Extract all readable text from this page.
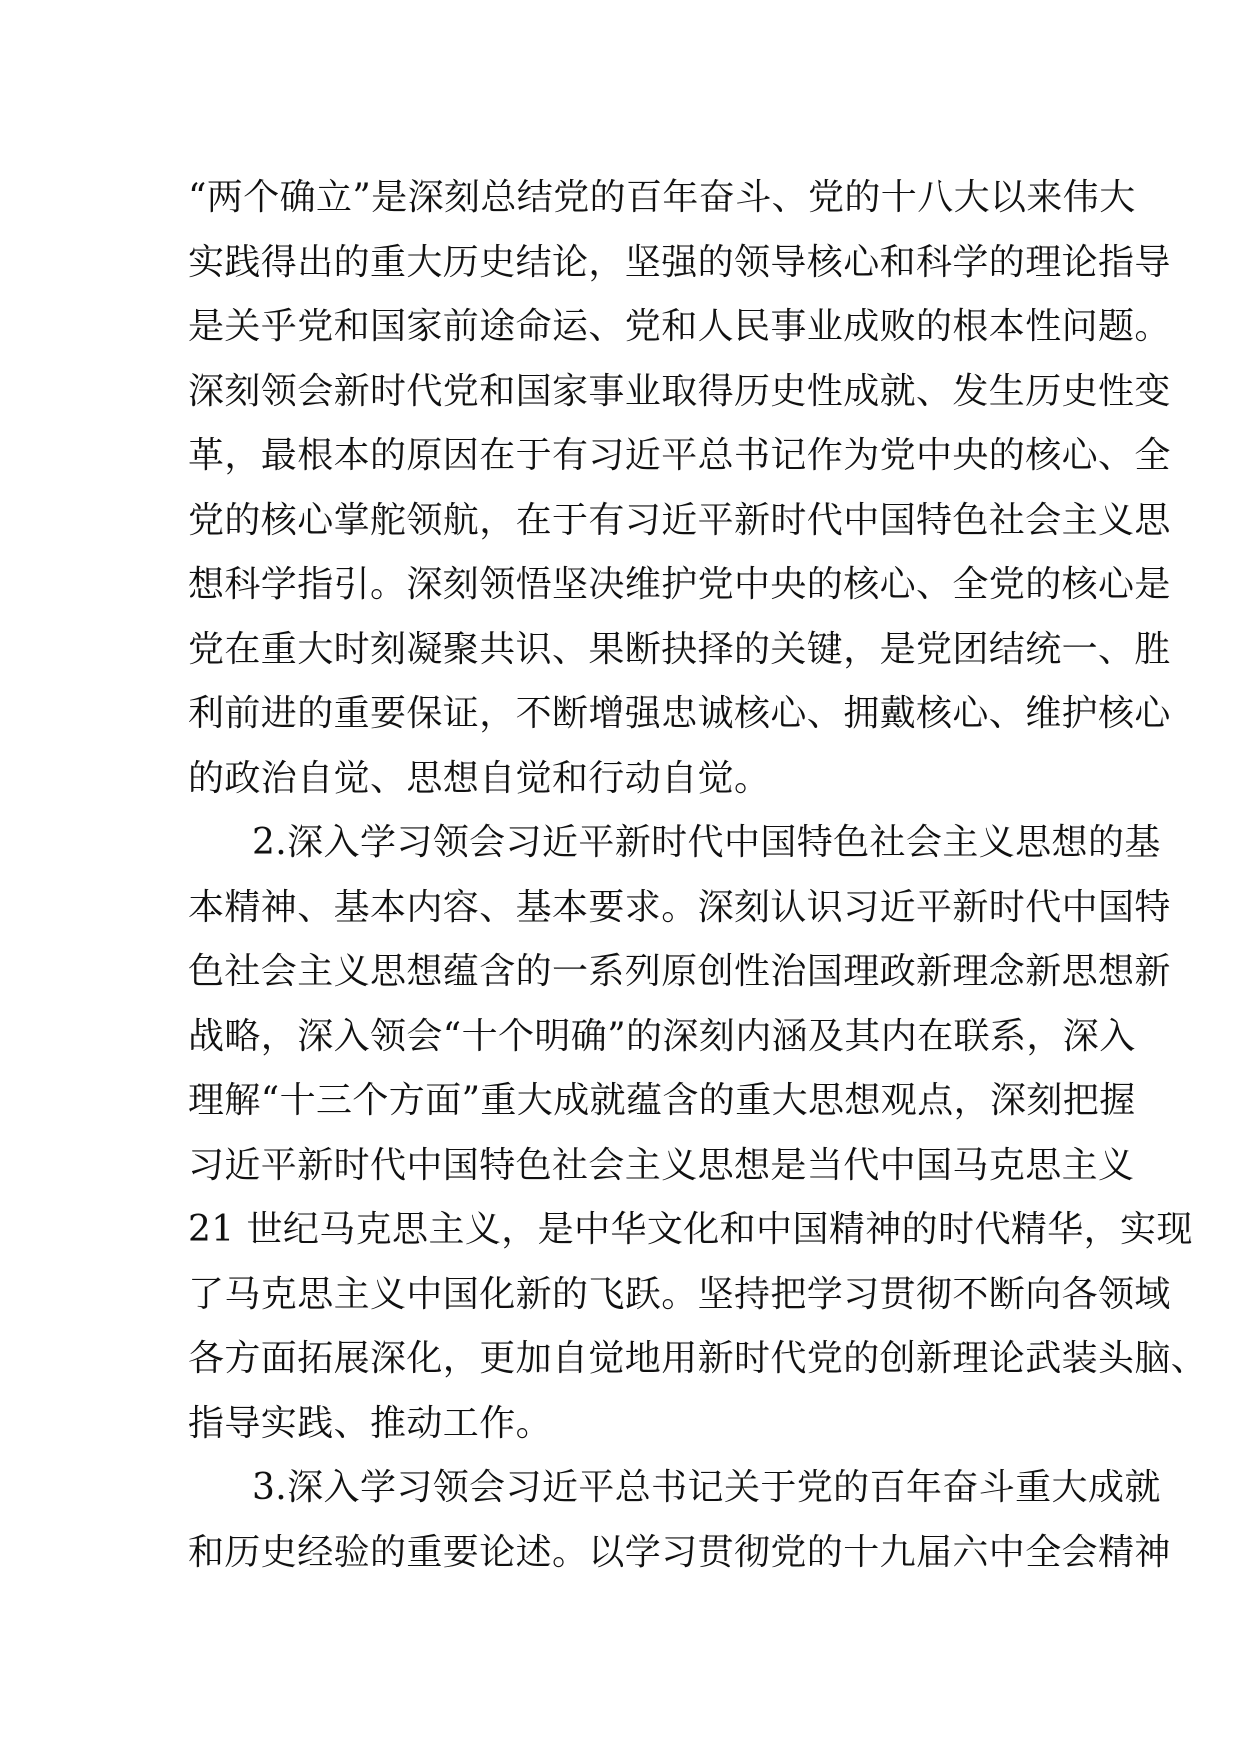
“两个确立”是深刻总结党的百年奋斗、党的十八大以来伟大
实践得出的重大历史结论，坚强的领导核心和科学的理论指导
是关乎党和国家前途命运、党和人民事业成败的根本性问题。
深刻领会新时代党和国家事业取得历史性成就、发生历史性变
革，最根本的原因在于有习近平总书记作为党中央的核心、全
党的核心掌舵领航，在于有习近平新时代中国特色社会主义思
想科学指引。深刻领悟坚决维护党中央的核心、全党的核心是
党在重大时刻凝聚共识、果断抉择的关键，是党团结统一、胜
利前进的重要保证，不断增强忠诚核心、拥戴核心、维护核心
的政治自觉、思想自觉和行动自觉。
2.深入学习领会习近平新时代中国特色社会主义思想的基
本精神、基本内容、基本要求。深刻认识习近平新时代中国特
色社会主义思想蕴含的一系列原创性治国理政新理念新思想新
战略，深入领会“十个明确”的深刻内涵及其内在联系，深入
理解“十三个方面”重大成就蕴含的重大思想观点，深刻把握
习近平新时代中国特色社会主义思想是当代中国马克思主义
21 世纪马克思主义，是中华文化和中国精神的时代精华，实现
了马克思主义中国化新的飞跃。坚持把学习贯彻不断向各领域
各方面拓展深化，更加自觉地用新时代党的创新理论武装头脑、
指导实践、推动工作。
3.深入学习领会习近平总书记关于党的百年奋斗重大成就
和历史经验的重要论述。以学习贯彻党的十九届六中全会精神
